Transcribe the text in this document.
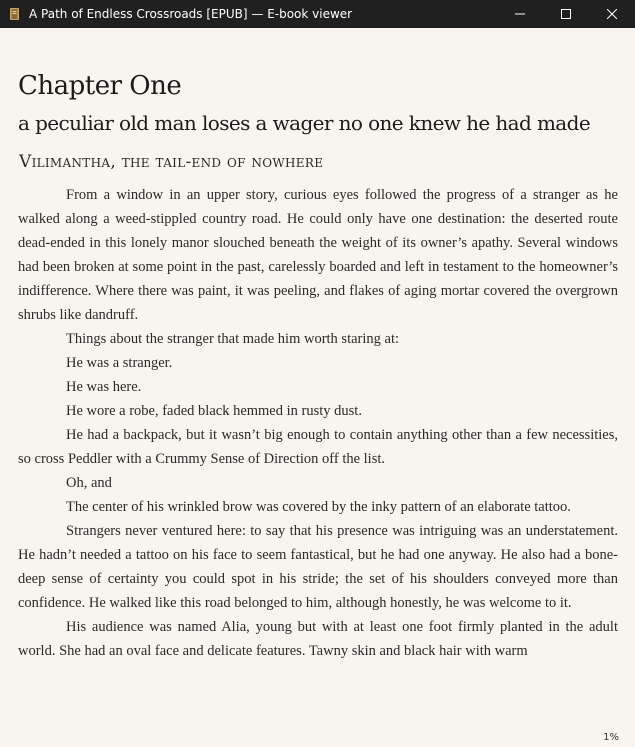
A Path of Endless Crossroads [EPUB] — E-book viewer
Chapter One
a peculiar old man loses a wager no one knew he had made
Vilimantha, the tail-end of nowhere

From a window in an upper story, curious eyes followed the progress of a stranger as he walked along a weed-stippled country road. He could only have one destination: the deserted route dead-ended in this lonely manor slouched beneath the weight of its owner’s apathy. Several windows had been broken at some point in the past, carelessly boarded and left in testament to the homeowner’s indifference. Where there was paint, it was peeling, and flakes of aging mortar covered the overgrown shrubs like dandruff.

Things about the stranger that made him worth staring at:

He was a stranger.

He was here.

He wore a robe, faded black hemmed in rusty dust.

He had a backpack, but it wasn’t big enough to contain anything other than a few necessities, so cross Peddler with a Crummy Sense of Direction off the list.

Oh, and

The center of his wrinkled brow was covered by the inky pattern of an elaborate tattoo.

Strangers never ventured here: to say that his presence was intriguing was an understatement. He hadn’t needed a tattoo on his face to seem fantastical, but he had one anyway. He also had a bone-deep sense of certainty you could spot in his stride; the set of his shoulders conveyed more than confidence. He walked like this road belonged to him, although honestly, he was welcome to it.

His audience was named Alia, young but with at least one foot firmly planted in the adult world. She had an oval face and delicate features. Tawny skin and black hair with warm

1%
